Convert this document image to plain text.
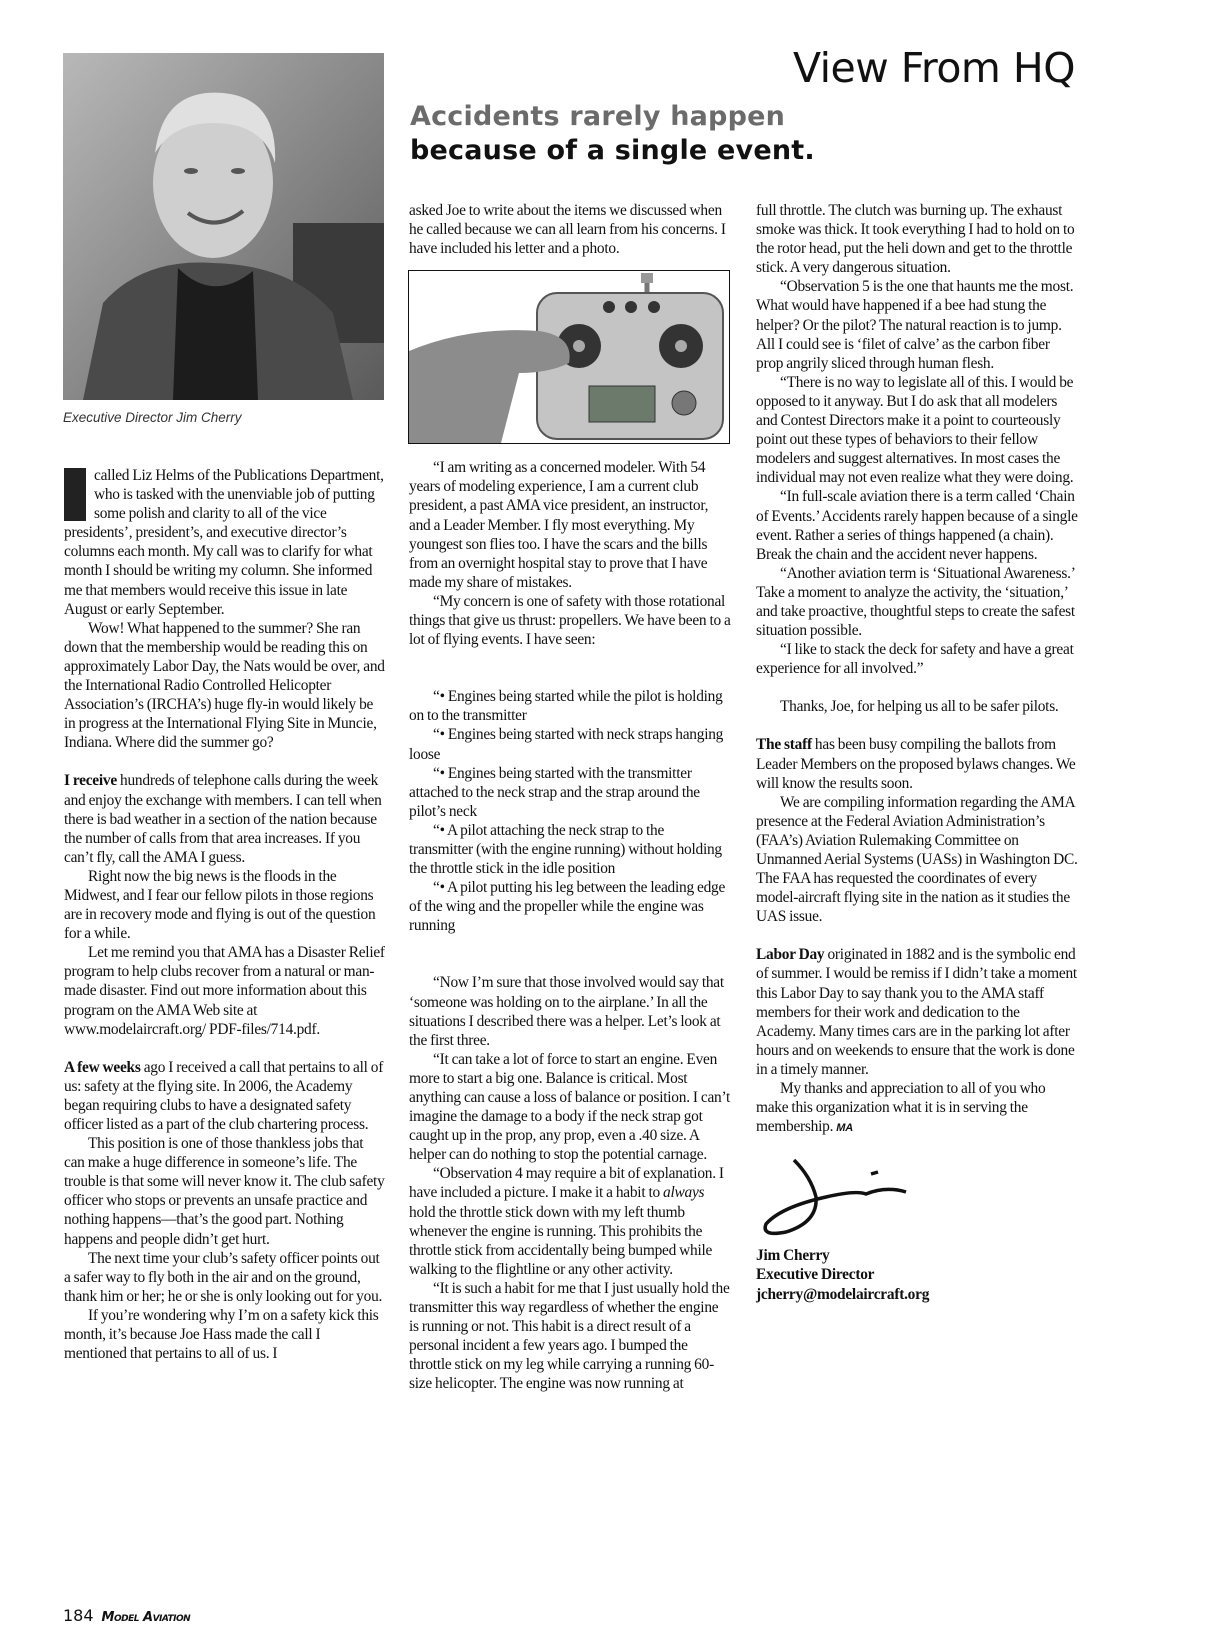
View From HQ
Accidents rarely happen
because of a single event.
Executive Director Jim Cherry

called Liz Helms of the Publications Department, who is tasked with the unenviable job of putting some polish and clarity to all of the vice presidents’, president’s, and executive director’s columns each month. My call was to clarify for what month I should be writing my column. She informed me that members would receive this issue in late August or early September.

Wow! What happened to the summer? She ran down that the membership would be reading this on approximately Labor Day, the Nats would be over, and the International Radio Controlled Helicopter Association’s (IRCHA’s) huge fly-in would likely be in progress at the International Flying Site in Muncie, Indiana. Where did the summer go?

I receive hundreds of telephone calls during the week and enjoy the exchange with members. I can tell when there is bad weather in a section of the nation because the number of calls from that area increases. If you can’t fly, call the AMA I guess.

Right now the big news is the floods in the Midwest, and I fear our fellow pilots in those regions are in recovery mode and flying is out of the question for a while.

Let me remind you that AMA has a Disaster Relief program to help clubs recover from a natural or man-made disaster. Find out more information about this program on the AMA Web site at www.modelaircraft.org/ PDF-files/714.pdf.

A few weeks ago I received a call that pertains to all of us: safety at the flying site. In 2006, the Academy began requiring clubs to have a designated safety officer listed as a part of the club chartering process.

This position is one of those thankless jobs that can make a huge difference in someone’s life. The trouble is that some will never know it. The club safety officer who stops or prevents an unsafe practice and nothing happens—that’s the good part. Nothing happens and people didn’t get hurt.

The next time your club’s safety officer points out a safer way to fly both in the air and on the ground, thank him or her; he or she is only looking out for you.

If you’re wondering why I’m on a safety kick this month, it’s because Joe Hass made the call I mentioned that pertains to all of us. I

asked Joe to write about the items we discussed when he called because we can all learn from his concerns. I have included his letter and a photo.

“I am writing as a concerned modeler. With 54 years of modeling experience, I am a current club president, a past AMA vice president, an instructor, and a Leader Member. I fly most everything. My youngest son flies too. I have the scars and the bills from an overnight hospital stay to prove that I have made my share of mistakes.

“My concern is one of safety with those rotational things that give us thrust: propellers. We have been to a lot of flying events. I have seen:

“• Engines being started while the pilot is holding on to the transmitter

“• Engines being started with neck straps hanging loose

“• Engines being started with the transmitter attached to the neck strap and the strap around the pilot’s neck

“• A pilot attaching the neck strap to the transmitter (with the engine running) without holding the throttle stick in the idle position

“• A pilot putting his leg between the leading edge of the wing and the propeller while the engine was running

“Now I’m sure that those involved would say that ‘someone was holding on to the airplane.’ In all the situations I described there was a helper. Let’s look at the first three.

“It can take a lot of force to start an engine. Even more to start a big one. Balance is critical. Most anything can cause a loss of balance or position. I can’t imagine the damage to a body if the neck strap got caught up in the prop, any prop, even a .40 size. A helper can do nothing to stop the potential carnage.

“Observation 4 may require a bit of explanation. I have included a picture. I make it a habit to always hold the throttle stick down with my left thumb whenever the engine is running. This prohibits the throttle stick from accidentally being bumped while walking to the flightline or any other activity.

“It is such a habit for me that I just usually hold the transmitter this way regardless of whether the engine is running or not. This habit is a direct result of a personal incident a few years ago. I bumped the throttle stick on my leg while carrying a running 60-size helicopter. The engine was now running at

full throttle. The clutch was burning up. The exhaust smoke was thick. It took everything I had to hold on to the rotor head, put the heli down and get to the throttle stick. A very dangerous situation.

“Observation 5 is the one that haunts me the most. What would have happened if a bee had stung the helper? Or the pilot? The natural reaction is to jump. All I could see is ‘filet of calve’ as the carbon fiber prop angrily sliced through human flesh.

“There is no way to legislate all of this. I would be opposed to it anyway. But I do ask that all modelers and Contest Directors make it a point to courteously point out these types of behaviors to their fellow modelers and suggest alternatives. In most cases the individual may not even realize what they were doing.

“In full-scale aviation there is a term called ‘Chain of Events.’ Accidents rarely happen because of a single event. Rather a series of things happened (a chain). Break the chain and the accident never happens.

“Another aviation term is ‘Situational Awareness.’ Take a moment to analyze the activity, the ‘situation,’ and take proactive, thoughtful steps to create the safest situation possible.

“I like to stack the deck for safety and have a great experience for all involved.”

Thanks, Joe, for helping us all to be safer pilots.

The staff has been busy compiling the ballots from Leader Members on the proposed bylaws changes. We will know the results soon.

We are compiling information regarding the AMA presence at the Federal Aviation Administration’s (FAA’s) Aviation Rulemaking Committee on Unmanned Aerial Systems (UASs) in Washington DC. The FAA has requested the coordinates of every model-aircraft flying site in the nation as it studies the UAS issue.

Labor Day originated in 1882 and is the symbolic end of summer. I would be remiss if I didn’t take a moment this Labor Day to say thank you to the AMA staff members for their work and dedication to the Academy. Many times cars are in the parking lot after hours and on weekends to ensure that the work is done in a timely manner.

My thanks and appreciation to all of you who make this organization what it is in serving the membership. MA

Jim Cherry
Executive Director
jcherry@modelaircraft.org
184 Model Aviation
